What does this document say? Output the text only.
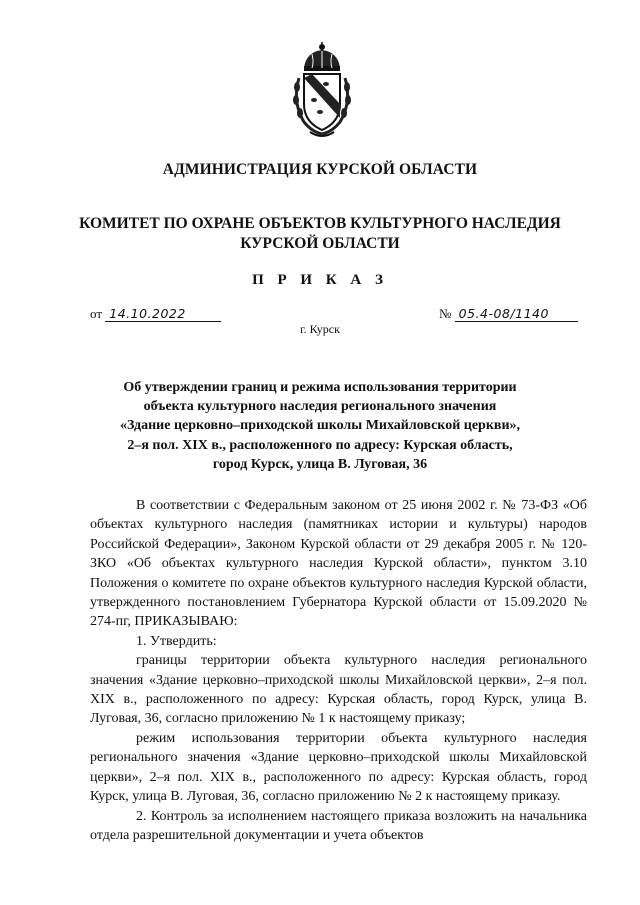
АДМИНИСТРАЦИЯ КУРСКОЙ ОБЛАСТИ
КОМИТЕТ ПО ОХРАНЕ ОБЪЕКТОВ КУЛЬТУРНОГО НАСЛЕДИЯ
КУРСКОЙ ОБЛАСТИ
П Р И К А З
от 14.10.2022	№ 05.4-08/1140
г. Курск
Об утверждении границ и режима использования территории
объекта культурного наследия регионального значения
«Здание церковно–приходской школы Михайловской церкви»,
2–я пол. XIX в., расположенного по адресу: Курская область,
город Курск, улица В. Луговая, 36

В соответствии с Федеральным законом от 25 июня 2002 г. № 73-ФЗ «Об объектах культурного наследия (памятниках истории и культуры) народов Российской Федерации», Законом Курской области от 29 декабря 2005 г. № 120-ЗКО «Об объектах культурного наследия Курской области», пунктом 3.10 Положения о комитете по охране объектов культурного наследия Курской области, утвержденного постановлением Губернатора Курской области от 15.09.2020 № 274-пг, ПРИКАЗЫВАЮ:

1. Утвердить:

границы территории объекта культурного наследия регионального значения «Здание церковно–приходской школы Михайловской церкви», 2–я пол. XIX в., расположенного по адресу: Курская область, город Курск, улица В. Луговая, 36, согласно приложению № 1 к настоящему приказу;

режим использования территории объекта культурного наследия регионального значения «Здание церковно–приходской школы Михайловской церкви», 2–я пол. XIX в., расположенного по адресу: Курская область, город Курск, улица В. Луговая, 36, согласно приложению № 2 к настоящему приказу.

2. Контроль за исполнением настоящего приказа возложить на начальника отдела разрешительной документации и учета объектов
